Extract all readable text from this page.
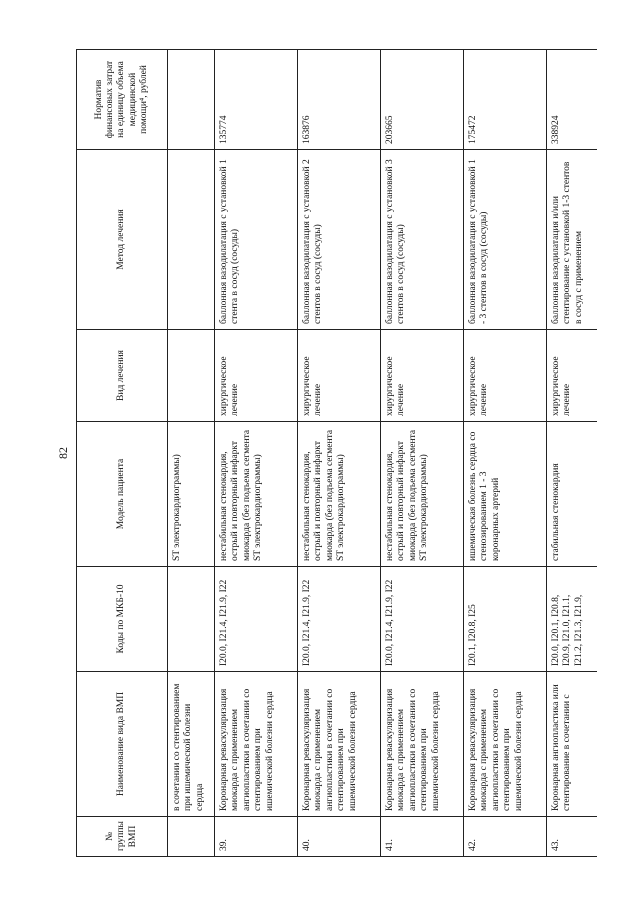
82
№ группы ВМП	Наименование вида ВМП	Коды по МКБ-10	Модель пациента	Вид лечения	Метод лечения	Норматив финансовых затрат на единицу объема медицинской помощи⁴, рублей
	в сочетании со стентированием при ишемической болезни сердца		ST электрокардиограммы)			
39.	Коронарная реваскуляризация миокарда с применением ангиопластики в сочетании со стентированием при ишемической болезни сердца	I20.0, I21.4, I21.9, I22	нестабильная стенокардия, острый и повторный инфаркт миокарда (без подъема сегмента ST электрокардиограммы)	хирургическое лечение	баллонная вазодилатация с установкой 1 стента в сосуд (сосуды)	135774
40.	Коронарная реваскуляризация миокарда с применением ангиопластики в сочетании со стентированием при ишемической болезни сердца	I20.0, I21.4, I21.9, I22	нестабильная стенокардия, острый и повторный инфаркт миокарда (без подъема сегмента ST электрокардиограммы)	хирургическое лечение	баллонная вазодилатация с установкой 2 стентов в сосуд (сосуды)	163876
41.	Коронарная реваскуляризация миокарда с применением ангиопластики в сочетании со стентированием при ишемической болезни сердца	I20.0, I21.4, I21.9, I22	нестабильная стенокардия, острый и повторный инфаркт миокарда (без подъема сегмента ST электрокардиограммы)	хирургическое лечение	баллонная вазодилатация с установкой 3 стентов в сосуд (сосуды)	203665
42.	Коронарная реваскуляризация миокарда с применением ангиопластики в сочетании со стентированием при ишемической болезни сердца	I20.1, I20.8, I25	ишемическая болезнь сердца со стенозированием 1 - 3 коронарных артерий	хирургическое лечение	баллонная вазодилатация с установкой 1 - 3 стентов в сосуд (сосуды)	175472
43.	Коронарная ангиопластика или стентирование в сочетании с	I20.0, I20.1, I20.8, I20.9, I21.0, I21.1, I21.2, I21.3, I21.9,	стабильная стенокардия	хирургическое лечение	баллонная вазодилатация и/или стентирование с установкой 1-3 стентов в сосуд с применением	338924
